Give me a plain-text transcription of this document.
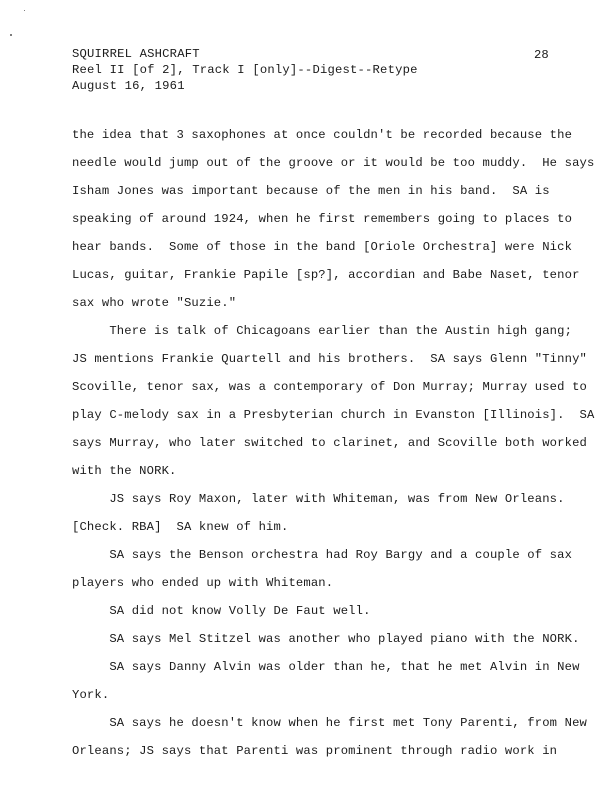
SQUIRREL ASHCRAFT
Reel II [of 2], Track I [only]--Digest--Retype
August 16, 1961
28
the idea that 3 saxophones at once couldn't be recorded because the
needle would jump out of the groove or it would be too muddy.  He says
Isham Jones was important because of the men in his band.  SA is
speaking of around 1924, when he first remembers going to places to
hear bands.  Some of those in the band [Oriole Orchestra] were Nick
Lucas, guitar, Frankie Papile [sp?], accordian and Babe Naset, tenor
sax who wrote "Suzie."
There is talk of Chicagoans earlier than the Austin high gang;
JS mentions Frankie Quartell and his brothers.  SA says Glenn "Tinny"
Scoville, tenor sax, was a contemporary of Don Murray; Murray used to
play C-melody sax in a Presbyterian church in Evanston [Illinois].  SA
says Murray, who later switched to clarinet, and Scoville both worked
with the NORK.
JS says Roy Maxon, later with Whiteman, was from New Orleans.
[Check. RBA]  SA knew of him.
SA says the Benson orchestra had Roy Bargy and a couple of sax
players who ended up with Whiteman.
SA did not know Volly De Faut well.
SA says Mel Stitzel was another who played piano with the NORK.
SA says Danny Alvin was older than he, that he met Alvin in New
York.
SA says he doesn't know when he first met Tony Parenti, from New
Orleans; JS says that Parenti was prominent through radio work in
